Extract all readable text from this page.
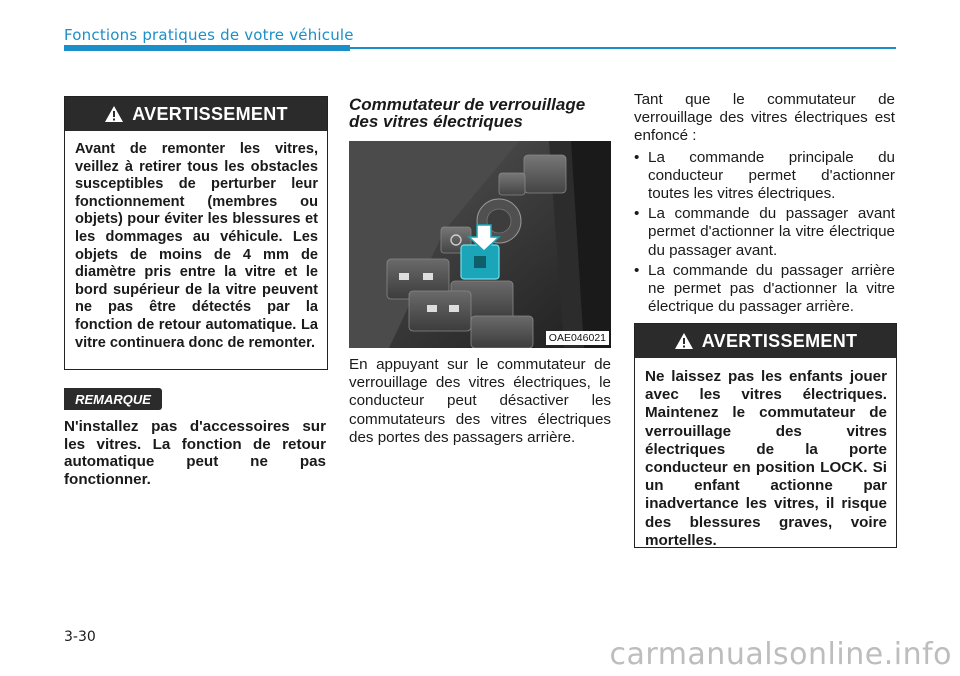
Fonctions pratiques de votre véhicule
AVERTISSEMENT
Avant de remonter les vitres, veillez à retirer tous les obstacles susceptibles de perturber leur fonctionnement (membres ou objets) pour éviter les blessures et les dommages au véhicule. Les objets de moins de 4 mm de diamètre pris entre la vitre et le bord supérieur de la vitre peuvent ne pas être détectés par la fonction de retour automatique. La vitre continuera donc de remonter.
REMARQUE
N'installez pas d'accessoires sur les vitres. La fonction de retour automatique peut ne pas fonctionner.
Commutateur de verrouillage des vitres électriques
OAE046021
En appuyant sur le commutateur de verrouillage des vitres électriques, le conducteur peut désactiver les commutateurs des vitres électriques des portes des passagers arrière.
Tant que le commutateur de verrouillage des vitres électriques est enfoncé :
• La commande principale du conducteur permet d'actionner toutes les vitres électriques.
• La commande du passager avant permet d'actionner la vitre électrique du passager avant.
• La commande du passager arrière ne permet pas d'actionner la vitre électrique du passager arrière.
AVERTISSEMENT
Ne laissez pas les enfants jouer avec les vitres électriques. Maintenez le commutateur de verrouillage des vitres électriques de la porte conducteur en position LOCK. Si un enfant actionne par inadvertance les vitres, il risque des blessures graves, voire mortelles.
3-30	carmanualsonline.info
